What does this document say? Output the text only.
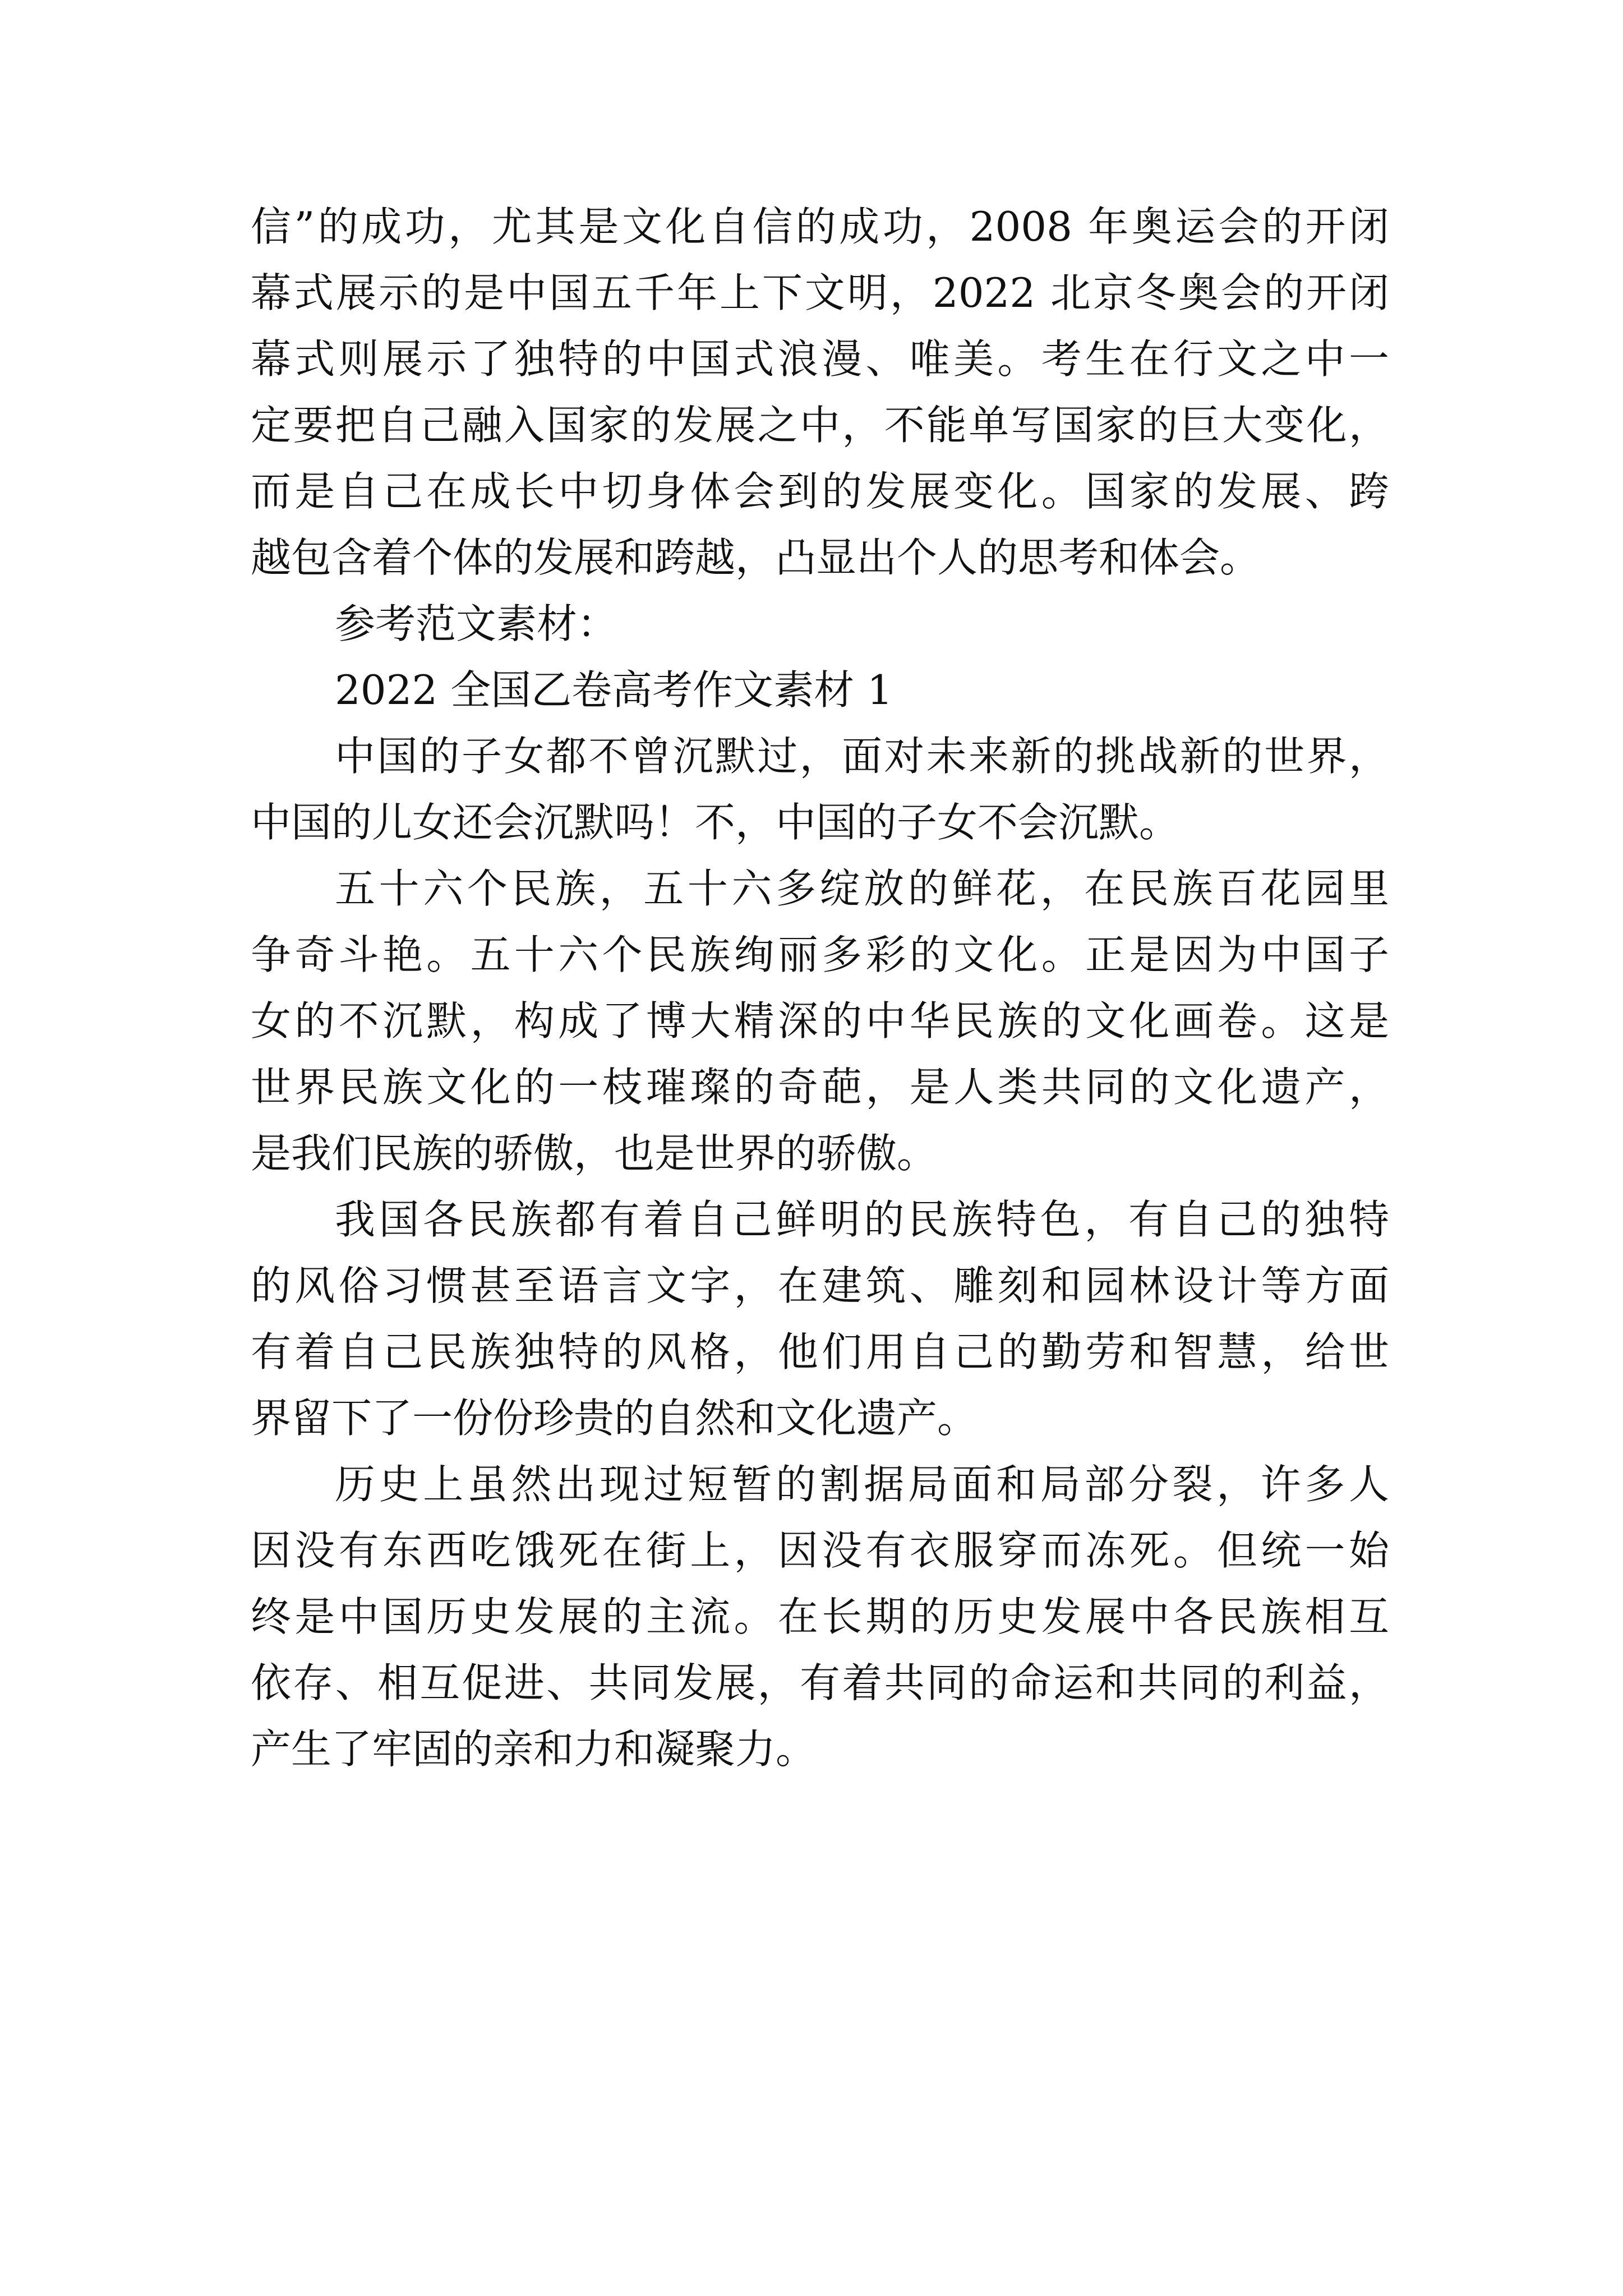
信”的成功，尤其是文化自信的成功，2008 年奥运会的开闭
幕式展示的是中国五千年上下文明，2022 北京冬奥会的开闭
幕式则展示了独特的中国式浪漫、唯美。考生在行文之中一
定要把自己融入国家的发展之中，不能单写国家的巨大变化，
而是自己在成长中切身体会到的发展变化。国家的发展、跨
越包含着个体的发展和跨越，凸显出个人的思考和体会。
参考范文素材：
2022 全国乙卷高考作文素材 1
中国的子女都不曾沉默过，面对未来新的挑战新的世界，
中国的儿女还会沉默吗！不，中国的子女不会沉默。
五十六个民族，五十六多绽放的鲜花，在民族百花园里
争奇斗艳。五十六个民族绚丽多彩的文化。正是因为中国子
女的不沉默，构成了博大精深的中华民族的文化画卷。这是
世界民族文化的一枝璀璨的奇葩，是人类共同的文化遗产，
是我们民族的骄傲，也是世界的骄傲。
我国各民族都有着自己鲜明的民族特色，有自己的独特
的风俗习惯甚至语言文字，在建筑、雕刻和园林设计等方面
有着自己民族独特的风格，他们用自己的勤劳和智慧，给世
界留下了一份份珍贵的自然和文化遗产。
历史上虽然出现过短暂的割据局面和局部分裂，许多人
因没有东西吃饿死在街上，因没有衣服穿而冻死。但统一始
终是中国历史发展的主流。在长期的历史发展中各民族相互
依存、相互促进、共同发展，有着共同的命运和共同的利益，
产生了牢固的亲和力和凝聚力。
